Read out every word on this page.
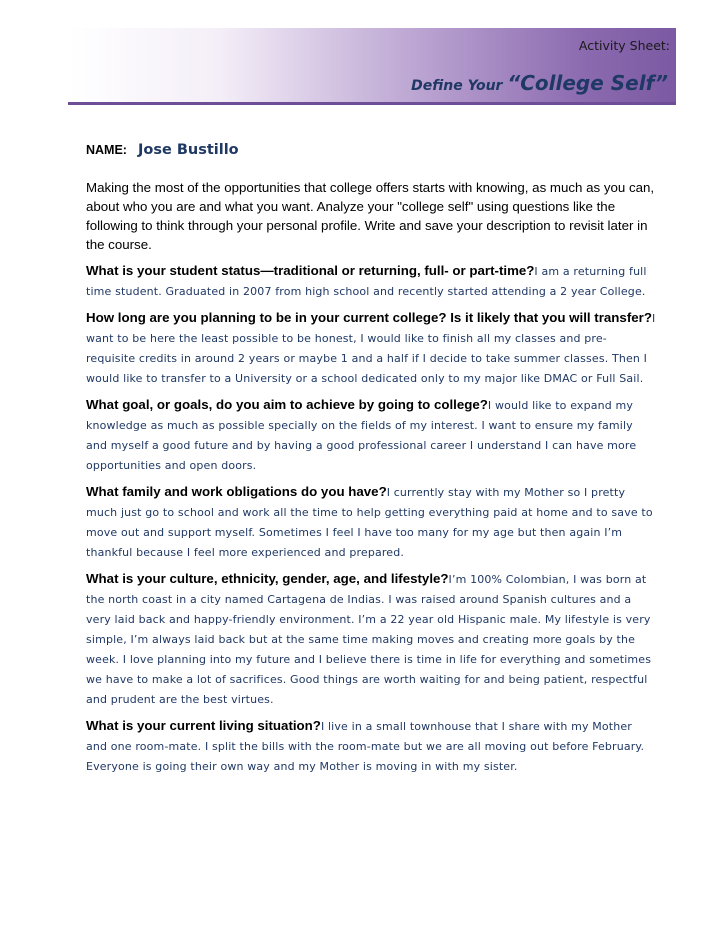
Activity Sheet:
Define Your “College Self”
NAME: Jose Bustillo

Making the most of the opportunities that college offers starts with knowing, as much as you can, about who you are and what you want. Analyze your "college self" using questions like the following to think through your personal profile. Write and save your description to revisit later in the course.

What is your student status—traditional or returning, full- or part-time?I am a returning full time student. Graduated in 2007 from high school and recently started attending a 2 year College.

How long are you planning to be in your current college? Is it likely that you will transfer?I want to be here the least possible to be honest, I would like to finish all my classes and pre-requisite credits in around 2 years or maybe 1 and a half if I decide to take summer classes. Then I would like to transfer to a University or a school dedicated only to my major like DMAC or Full Sail.

What goal, or goals, do you aim to achieve by going to college?I would like to expand my knowledge as much as possible specially on the fields of my interest. I want to ensure my family and myself a good future and by having a good professional career I understand I can have more opportunities and open doors.

What family and work obligations do you have?I currently stay with my Mother so I pretty much just go to school and work all the time to help getting everything paid at home and to save to move out and support myself. Sometimes I feel I have too many for my age but then again I’m thankful because I feel more experienced and prepared.

What is your culture, ethnicity, gender, age, and lifestyle?I’m 100% Colombian, I was born at the north coast in a city named Cartagena de Indias. I was raised around Spanish cultures and a very laid back and happy-friendly environment. I’m a 22 year old Hispanic male. My lifestyle is very simple, I’m always laid back but at the same time making moves and creating more goals by the week. I love planning into my future and I believe there is time in life for everything and sometimes we have to make a lot of sacrifices. Good things are worth waiting for and being patient, respectful and prudent are the best virtues.

What is your current living situation?I live in a small townhouse that I share with my Mother and one room-mate. I split the bills with the room-mate but we are all moving out before February. Everyone is going their own way and my Mother is moving in with my sister.
